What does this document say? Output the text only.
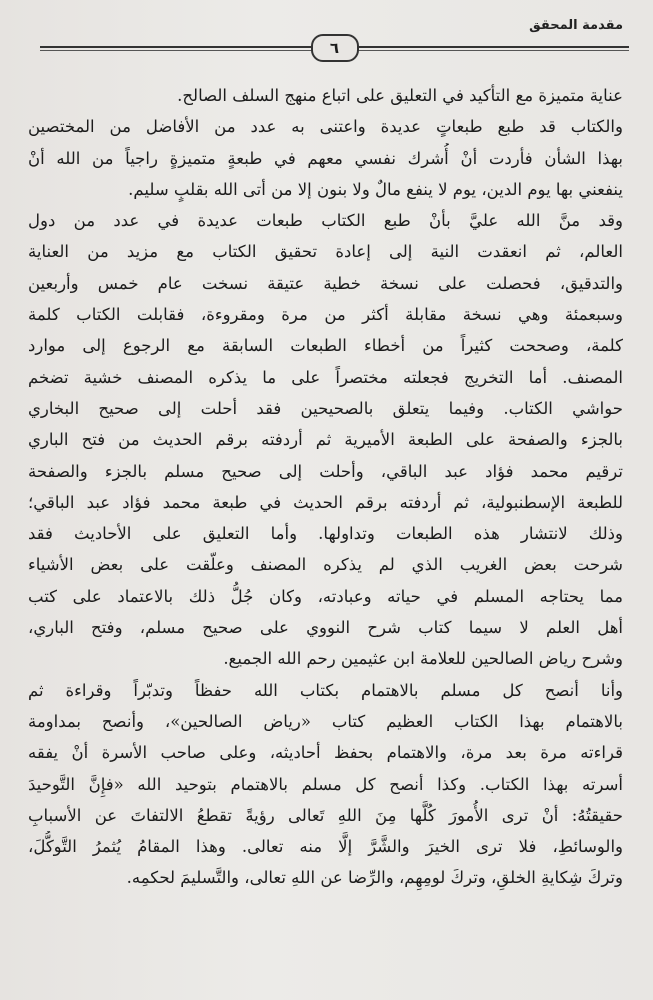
مقدمة المحقق
٦
عناية متميزة مع التأكيد في التعليق على اتباع منهج السلف الصالح.
والكتاب قد طبع طبعاتٍ عديدة واعتنى به عدد من الأفاضل من المختصين
بهذا الشأن فأردت أنْ أُشرك نفسي معهم في طبعةٍ متميزةٍ راجياً من الله أنْ
ينفعني بها يوم الدين، يوم لا ينفع مالٌ ولا بنون إلا من أتى الله بقلبٍ سليم.
وقد منَّ الله عليَّ بأنْ طبع الكتاب طبعات عديدة في عدد من دول
العالم، ثم انعقدت النية إلى إعادة تحقيق الكتاب مع مزيد من العناية
والتدقيق، فحصلت على نسخة خطية عتيقة نسخت عام خمس وأربعين
وسبعمئة وهي نسخة مقابلة أكثر من مرة ومقروءة، فقابلت الكتاب كلمة
كلمة، وصححت كثيراً من أخطاء الطبعات السابقة مع الرجوع إلى موارد
المصنف. أما التخريج فجعلته مختصراً على ما يذكره المصنف خشية تضخم
حواشي الكتاب. وفيما يتعلق بالصحيحين فقد أحلت إلى صحيح البخاري
بالجزء والصفحة على الطبعة الأميرية ثم أردفته برقم الحديث من فتح الباري
ترقيم محمد فؤاد عبد الباقي، وأحلت إلى صحيح مسلم بالجزء والصفحة
للطبعة الإسطنبولية، ثم أردفته برقم الحديث في طبعة محمد فؤاد عبد الباقي؛
وذلك لانتشار هذه الطبعات وتداولها. وأما التعليق على الأحاديث فقد
شرحت بعض الغريب الذي لم يذكره المصنف وعلّقت على بعض الأشياء
مما يحتاجه المسلم في حياته وعبادته، وكان جُلُّ ذلك بالاعتماد على كتب
أهل العلم لا سيما كتاب شرح النووي على صحيح مسلم، وفتح الباري،
وشرح رياض الصالحين للعلامة ابن عثيمين رحم الله الجميع.
وأنا أنصح كل مسلم بالاهتمام بكتاب الله حفظاً وتدبّراً وقراءة ثم
بالاهتمام بهذا الكتاب العظيم كتاب «رياض الصالحين»، وأنصح بمداومة
قراءته مرة بعد مرة، والاهتمام بحفظ أحاديثه، وعلى صاحب الأسرة أنْ يفقه
أسرته بهذا الكتاب. وكذا أنصح كل مسلم بالاهتمام بتوحيد الله «فإِنَّ التَّوحيدَ
حقيقتُهُ: أنْ ترى الأُمورَ كُلَّها مِنَ اللهِ تَعالى رؤيةً تقطعُ الالتفاتَ عن الأسبابِ
والوسائطِ، فلا ترى الخيرَ والشَّرَّ إلَّا منه تعالى. وهذا المقامُ يُثمرُ التَّوكُّلَ،
وتركَ شِكايةِ الخلقِ، وتركَ لومِهِم، والرِّضا عن اللهِ تعالى، والتَّسليمَ لحكمِه.
